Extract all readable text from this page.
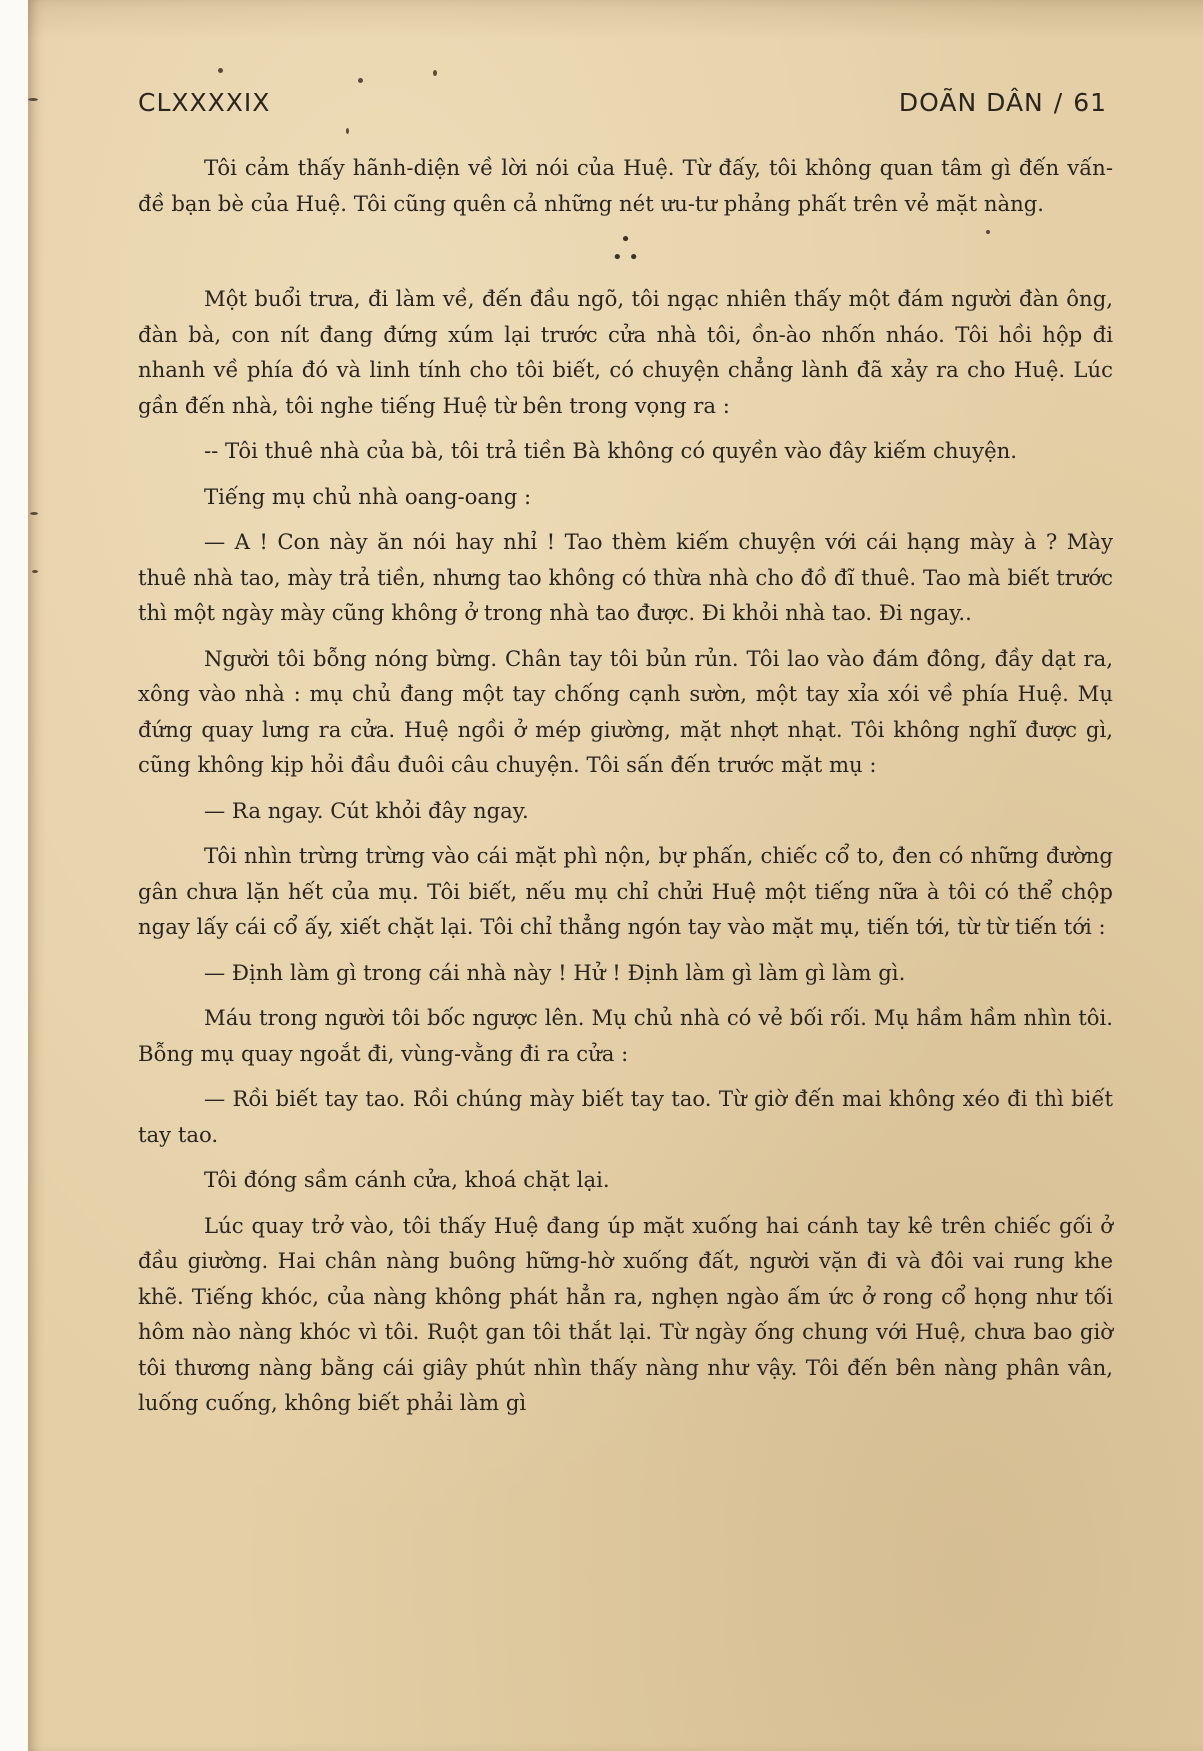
CLXXXXIX	DOÃN DÂN / 61

Tôi cảm thấy hãnh-diện về lời nói của Huệ. Từ đấy, tôi không quan tâm gì đến vấn-đề bạn bè của Huệ. Tôi cũng quên cả những nét ưu-tư phảng phất trên vẻ mặt nàng.

•
• •

Một buổi trưa, đi làm về, đến đầu ngõ, tôi ngạc nhiên thấy một đám người đàn ông, đàn bà, con nít đang đứng xúm lại trước cửa nhà tôi, ồn-ào nhốn nháo. Tôi hồi hộp đi nhanh về phía đó và linh tính cho tôi biết, có chuyện chẳng lành đã xảy ra cho Huệ. Lúc gần đến nhà, tôi nghe tiếng Huệ từ bên trong vọng ra :

-- Tôi thuê nhà của bà, tôi trả tiền Bà không có quyền vào đây kiếm chuyện.

Tiếng mụ chủ nhà oang-oang :

— A ! Con này ăn nói hay nhỉ ! Tao thèm kiếm chuyện với cái hạng mày à ? Mày thuê nhà tao, mày trả tiền, nhưng tao không có thừa nhà cho đồ đĩ thuê. Tao mà biết trước thì một ngày mày cũng không ở trong nhà tao được. Đi khỏi nhà tao. Đi ngay..

Người tôi bỗng nóng bừng. Chân tay tôi bủn rủn. Tôi lao vào đám đông, đầy dạt ra, xông vào nhà : mụ chủ đang một tay chống cạnh sườn, một tay xỉa xói về phía Huệ. Mụ đứng quay lưng ra cửa. Huệ ngồi ở mép giường, mặt nhợt nhạt. Tôi không nghĩ được gì, cũng không kịp hỏi đầu đuôi câu chuyện. Tôi sấn đến trước mặt mụ :

— Ra ngay. Cút khỏi đây ngay.

Tôi nhìn trừng trừng vào cái mặt phì nộn, bự phấn, chiếc cổ to, đen có những đường gân chưa lặn hết của mụ. Tôi biết, nếu mụ chỉ chửi Huệ một tiếng nữa à tôi có thể chộp ngay lấy cái cổ ấy, xiết chặt lại. Tôi chỉ thẳng ngón tay vào mặt mụ, tiến tới, từ từ tiến tới :

— Định làm gì trong cái nhà này ! Hử ! Định làm gì làm gì làm gì.

Máu trong người tôi bốc ngược lên. Mụ chủ nhà có vẻ bối rối. Mụ hầm hầm nhìn tôi. Bỗng mụ quay ngoắt đi, vùng-vằng đi ra cửa :

— Rồi biết tay tao. Rồi chúng mày biết tay tao. Từ giờ đến mai không xéo đi thì biết tay tao.

Tôi đóng sầm cánh cửa, khoá chặt lại.

Lúc quay trở vào, tôi thấy Huệ đang úp mặt xuống hai cánh tay kê trên chiếc gối ở đầu giường. Hai chân nàng buông hững-hờ xuống đất, người vặn đi và đôi vai rung khe khẽ. Tiếng khóc, của nàng không phát hẳn ra, nghẹn ngào ấm ức ở rong cổ họng như tối hôm nào nàng khóc vì tôi. Ruột gan tôi thắt lại. Từ ngày ống chung với Huệ, chưa bao giờ tôi thương nàng bằng cái giây phút nhìn thấy nàng như vậy. Tôi đến bên nàng phân vân, luống cuống, không biết phải làm gì
